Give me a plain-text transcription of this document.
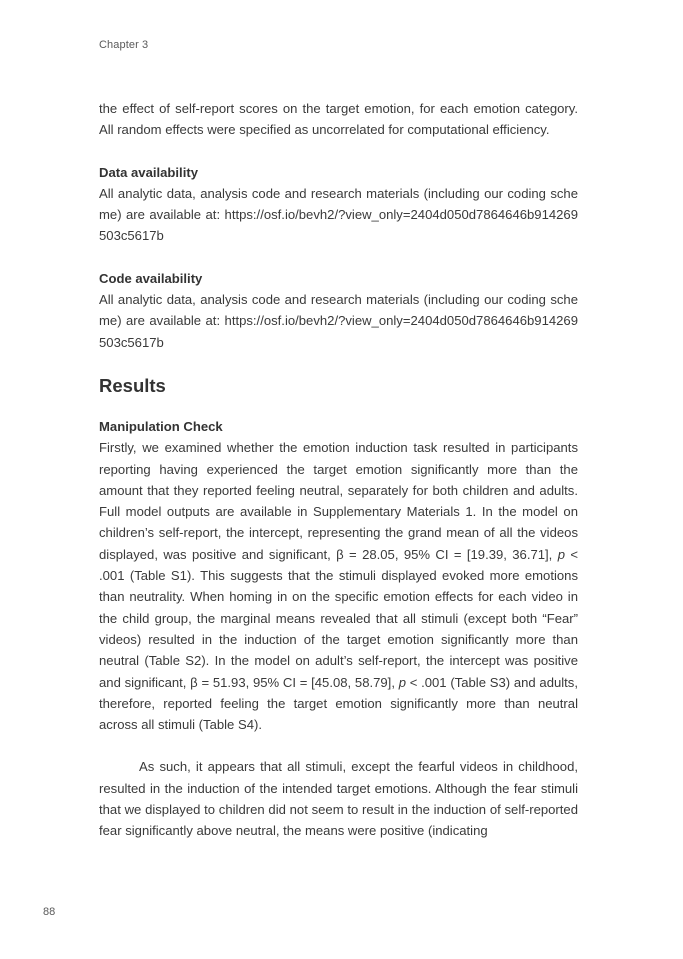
Chapter 3

the effect of self-report scores on the target emotion, for each emotion category. All random effects were specified as uncorrelated for computational efficiency.

Data availability

All analytic data, analysis code and research materials (including our coding scheme) are available at: https://osf.io/bevh2/?view_only=2404d050d7864646b914269503c5617b

Code availability

All analytic data, analysis code and research materials (including our coding scheme) are available at: https://osf.io/bevh2/?view_only=2404d050d7864646b914269503c5617b

Results
Manipulation Check

Firstly, we examined whether the emotion induction task resulted in participants reporting having experienced the target emotion significantly more than the amount that they reported feeling neutral, separately for both children and adults. Full model outputs are available in Supplementary Materials 1. In the model on children’s self-report, the intercept, representing the grand mean of all the videos displayed, was positive and significant, β = 28.05, 95% CI = [19.39, 36.71], p < .001 (Table S1). This suggests that the stimuli displayed evoked more emotions than neutrality. When homing in on the specific emotion effects for each video in the child group, the marginal means revealed that all stimuli (except both “Fear” videos) resulted in the induction of the target emotion significantly more than neutral (Table S2). In the model on adult’s self-report, the intercept was positive and significant, β = 51.93, 95% CI = [45.08, 58.79], p < .001 (Table S3) and adults, therefore, reported feeling the target emotion significantly more than neutral across all stimuli (Table S4).

As such, it appears that all stimuli, except the fearful videos in childhood, resulted in the induction of the intended target emotions. Although the fear stimuli that we displayed to children did not seem to result in the induction of self-reported fear significantly above neutral, the means were positive (indicating

88
